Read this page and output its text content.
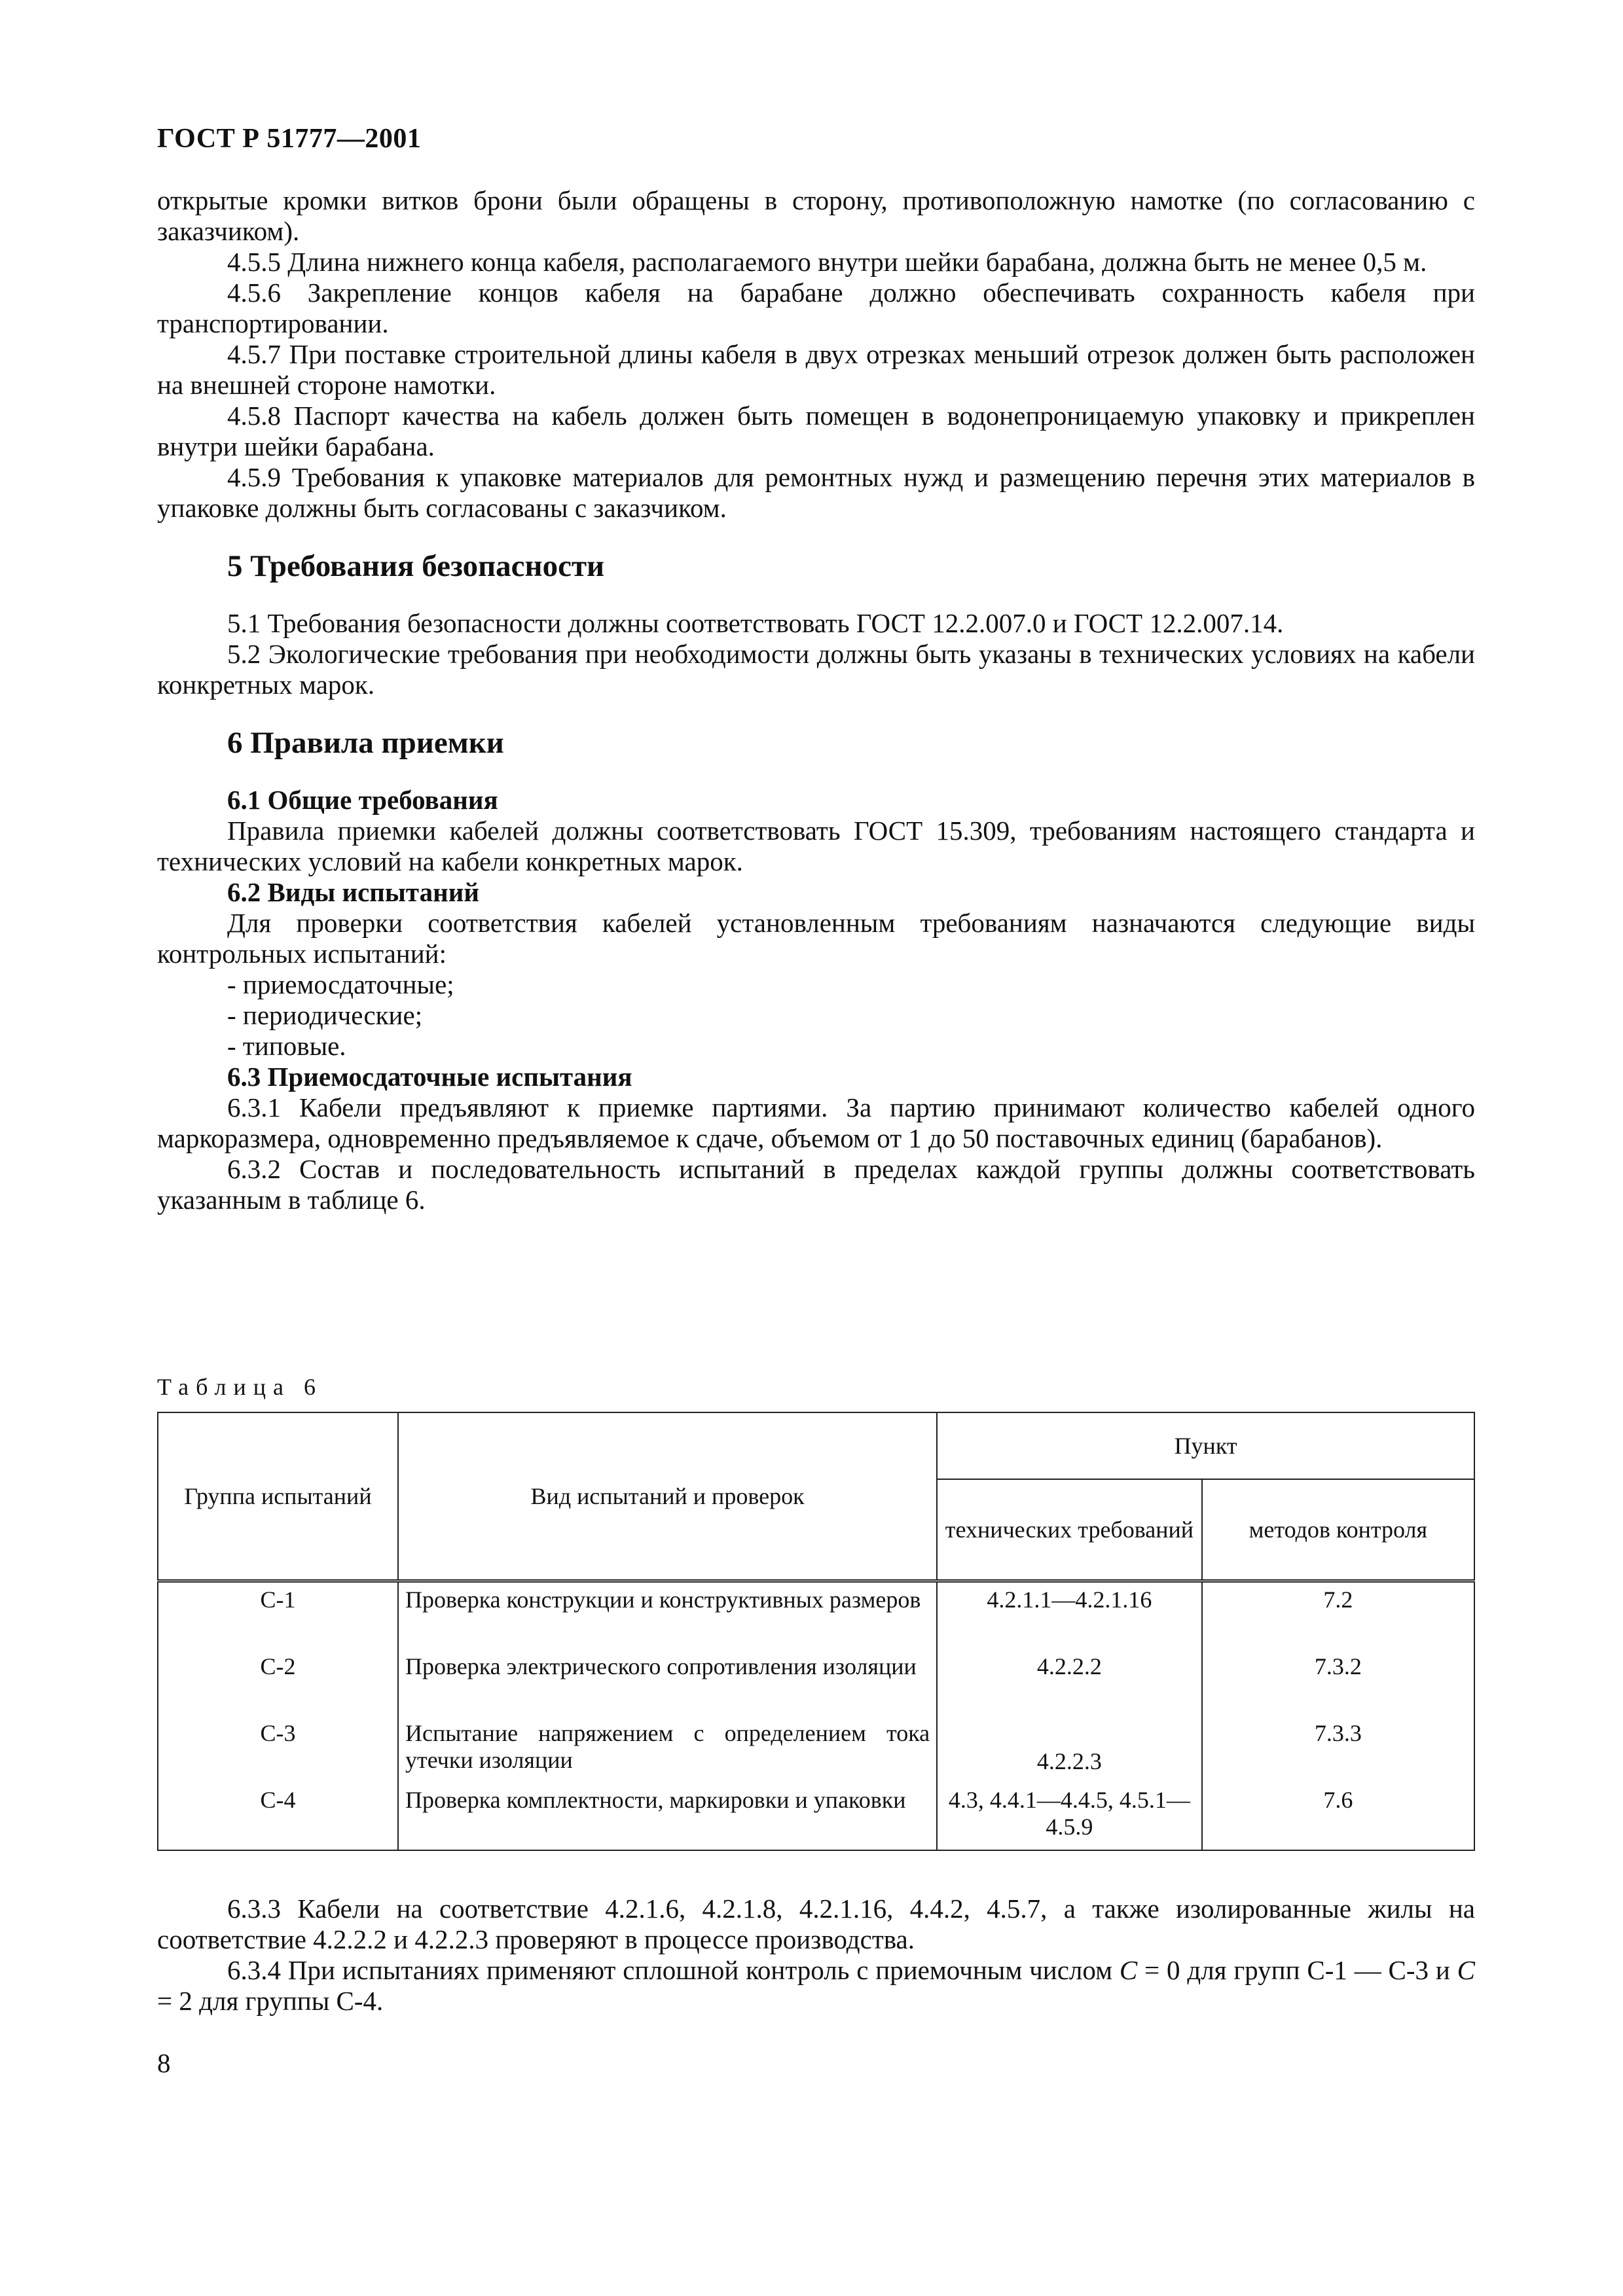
ГОСТ Р 51777—2001

открытые кромки витков брони были обращены в сторону, противоположную намотке (по согласованию с заказчиком).

4.5.5 Длина нижнего конца кабеля, располагаемого внутри шейки барабана, должна быть не менее 0,5 м.

4.5.6 Закрепление концов кабеля на барабане должно обеспечивать сохранность кабеля при транспортировании.

4.5.7 При поставке строительной длины кабеля в двух отрезках меньший отрезок должен быть расположен на внешней стороне намотки.

4.5.8 Паспорт качества на кабель должен быть помещен в водонепроницаемую упаковку и прикреплен внутри шейки барабана.

4.5.9 Требования к упаковке материалов для ремонтных нужд и размещению перечня этих материалов в упаковке должны быть согласованы с заказчиком.

5 Требования безопасности

5.1 Требования безопасности должны соответствовать ГОСТ 12.2.007.0 и ГОСТ 12.2.007.14.

5.2 Экологические требования при необходимости должны быть указаны в технических условиях на кабели конкретных марок.

6 Правила приемки
6.1 Общие требования

Правила приемки кабелей должны соответствовать ГОСТ 15.309, требованиям настоящего стандарта и технических условий на кабели конкретных марок.

6.2 Виды испытаний

Для проверки соответствия кабелей установленным требованиям назначаются следующие виды контрольных испытаний:

- приемосдаточные;
- периодические;
- типовые.
6.3 Приемосдаточные испытания

6.3.1 Кабели предъявляют к приемке партиями. За партию принимают количество кабелей одного маркоразмера, одновременно предъявляемое к сдаче, объемом от 1 до 50 поставочных единиц (барабанов).

6.3.2 Состав и последовательность испытаний в пределах каждой группы должны соответствовать указанным в таблице 6.

Таблица 6
Группа испытаний	Вид испытаний и проверок	Пункт	
		технических требований	методов контроля
С-1	Проверка конструкции и конструктивных размеров	4.2.1.1—4.2.1.16	7.2
С-2	Проверка электрического сопротивления изоляции	4.2.2.2	7.3.2
С-3	Испытание напряжением с определением тока утечки изоляции	4.2.2.3	7.3.3
С-4	Проверка комплектности, маркировки и упаковки	4.3, 4.4.1—4.4.5, 4.5.1—4.5.9	7.6

6.3.3 Кабели на соответствие 4.2.1.6, 4.2.1.8, 4.2.1.16, 4.4.2, 4.5.7, а также изолированные жилы на соответствие 4.2.2.2 и 4.2.2.3 проверяют в процессе производства.

6.3.4 При испытаниях применяют сплошной контроль с приемочным числом C = 0 для групп С-1 — С-3 и C = 2 для группы С-4.

8
